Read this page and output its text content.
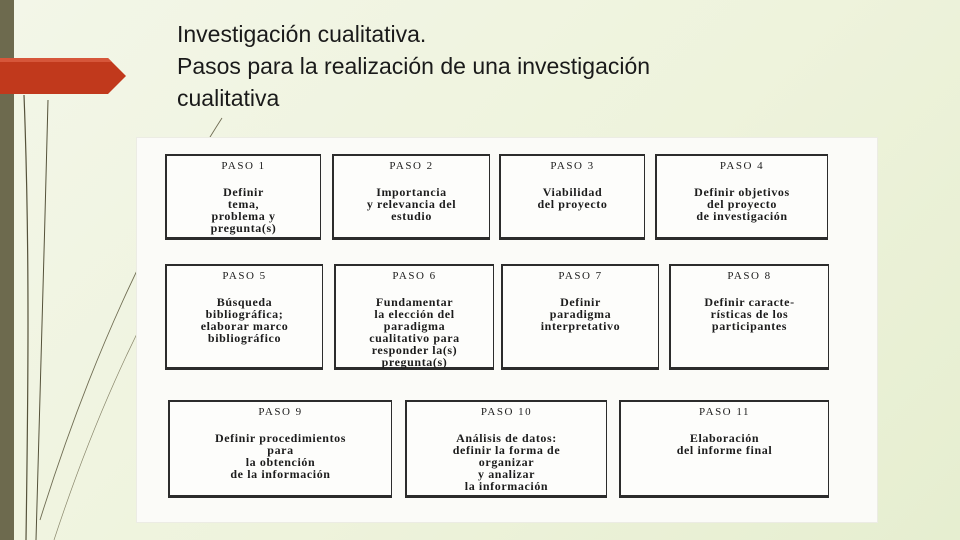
Investigación cualitativa.
Pasos para la realización de una investigación
cualitativa
PASO 1
Definir
tema,
problema y
pregunta(s)
PASO 2
Importancia
y relevancia del
estudio
PASO 3
Viabilidad
del proyecto
PASO 4
Definir objetivos
del proyecto
de investigación
PASO 5
Búsqueda
bibliográfica;
elaborar marco
bibliográfico
PASO 6
Fundamentar
la elección del
paradigma
cualitativo para
responder la(s)
pregunta(s)
PASO 7
Definir
paradigma
interpretativo
PASO 8
Definir caracte-
rísticas de los
participantes
PASO 9
Definir procedimientos
para
la obtención
de la información
PASO 10
Análisis de datos:
definir la forma de
organizar
y analizar
la información
PASO 11
Elaboración
del informe final
